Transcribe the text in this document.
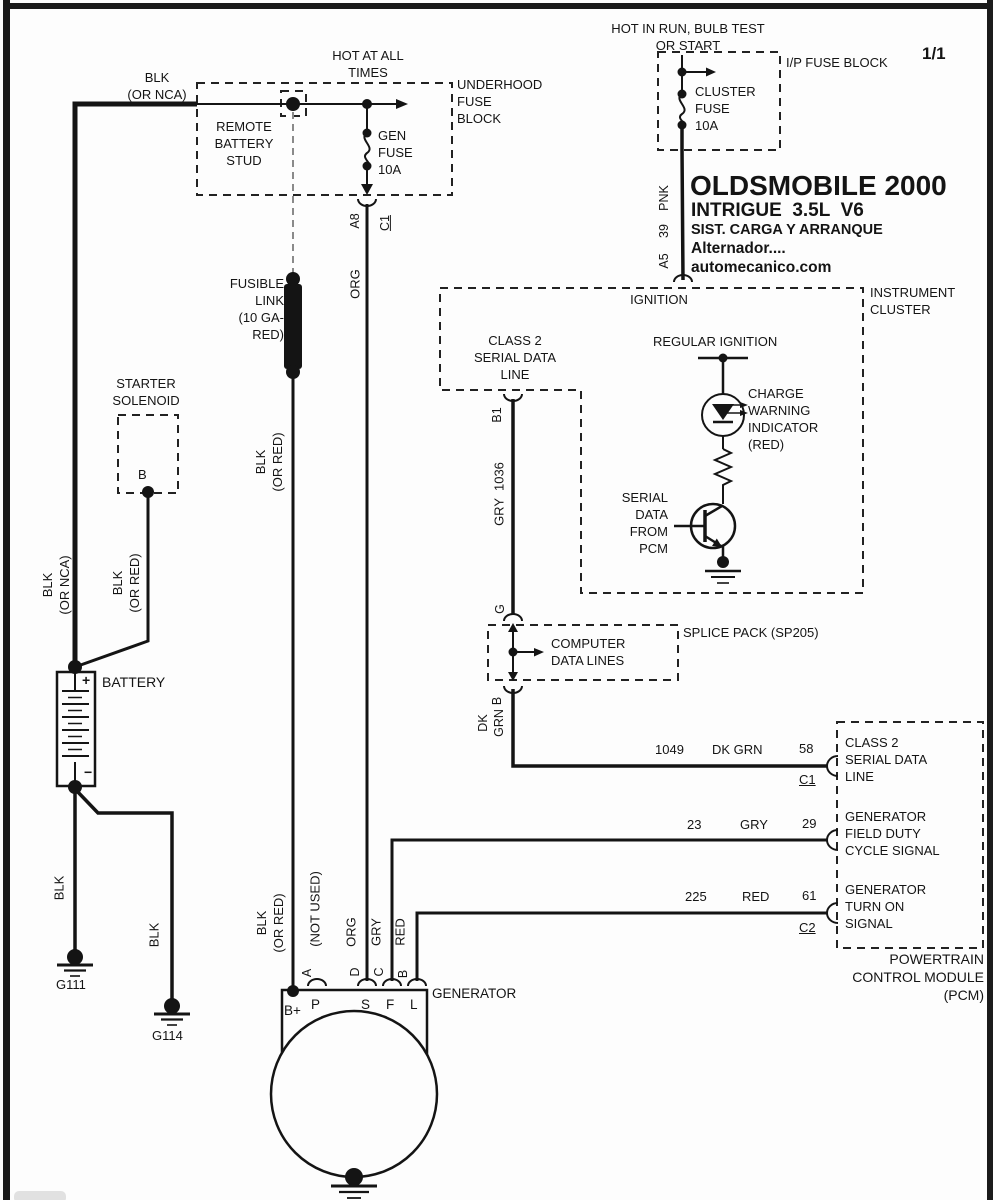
BLK
(OR NCA)
HOT AT ALL
TIMES
UNDERHOOD
FUSE
BLOCK
REMOTE
BATTERY
STUD
GEN
FUSE
10A
A8 C1
ORG
HOT IN RUN, BULB TEST
OR START
I/P FUSE BLOCK 1/1
CLUSTER
FUSE
10A
PNK
39
A5
OLDSMOBILE 2000
INTRIGUE  3.5L  V6
SIST. CARGA Y ARRANQUE
Alternador....
automecanico.com
IGNITION	INSTRUMENT
CLUSTER
CLASS 2
SERIAL DATA
LINE
REGULAR IGNITION
CHARGE
WARNING
INDICATOR
(RED)
SERIAL
DATA
FROM
PCM
B1
GRY  1036
G
SPLICE PACK (SP205)
COMPUTER
DATA LINES
B
DK GRN
1049 DK GRN	58
C1
23	GRY	29
225	RED	61
C2
CLASS 2
SERIAL DATA
LINE
GENERATOR
FIELD DUTY
CYCLE SIGNAL
GENERATOR
TURN ON
SIGNAL
POWERTRAIN
CONTROL MODULE
(PCM)
STARTER
SOLENOID
B
BATTERY
+
−
BLK (OR NCA)	BLK (OR RED)
FUSIBLE
LINK
(10 GA-
RED)
BLK (OR RED)
BLK
BLK
G111
G114
BLK (OR RED) (NOT USED) ORG GRY RED
A	D C B
B+ P	S F L
GENERATOR
